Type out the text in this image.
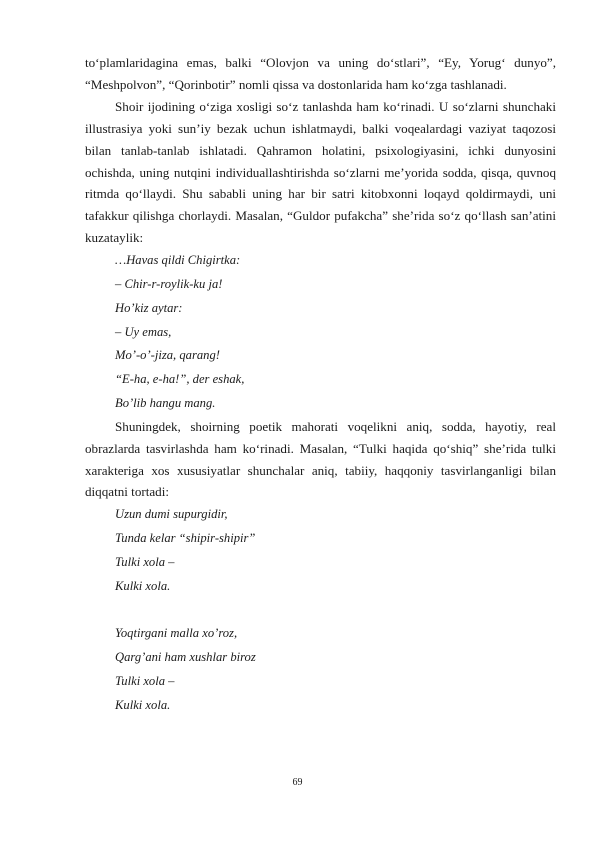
to‘plamlaridagina emas, balki “Olovjon va uning do‘stlari”, “Ey, Yorug‘ dunyo”, “Meshpolvon”, “Qorinbotir” nomli qissa va dostonlarida ham ko‘zga tashlanadi.

Shoir ijodining o‘ziga xosligi so‘z tanlashda ham ko‘rinadi. U so‘zlarni shunchaki illustrasiya yoki sun’iy bezak uchun ishlatmaydi, balki voqealardagi vaziyat taqozosi bilan tanlab-tanlab ishlatadi. Qahramon holatini, psixologiyasini, ichki dunyosini ochishda, uning nutqini individuallashtirishda so‘zlarni me’yorida sodda, qisqa, quvnoq ritmda qo‘llaydi. Shu sababli uning har bir satri kitobxonni loqayd qoldirmaydi, uni tafakkur qilishga chorlaydi. Masalan, “Guldor pufakcha” she’rida so‘z qo‘llash san’atini kuzataylik:

…Havas qildi Chigirtka:

– Chir-r-roylik-ku ja!

Ho’kiz aytar:

– Uy emas,

Mo’-o’-jiza, qarang!

“E-ha, e-ha!”, der eshak,

Bo’lib hangu mang.

Shuningdek, shoirning poetik mahorati voqelikni aniq, sodda, hayotiy, real obrazlarda tasvirlashda ham ko‘rinadi. Masalan, “Tulki haqida qo‘shiq” she’rida tulki xarakteriga xos xususiyatlar shunchalar aniq, tabiiy, haqqoniy tasvirlanganligi bilan diqqatni tortadi:

Uzun dumi supurgidir,

Tunda kelar “shipir-shipir”

Tulki xola –

Kulki xola.

Yoqtirgani malla xo’roz,

Qarg’ani ham xushlar biroz

Tulki xola –

Kulki xola.

69
